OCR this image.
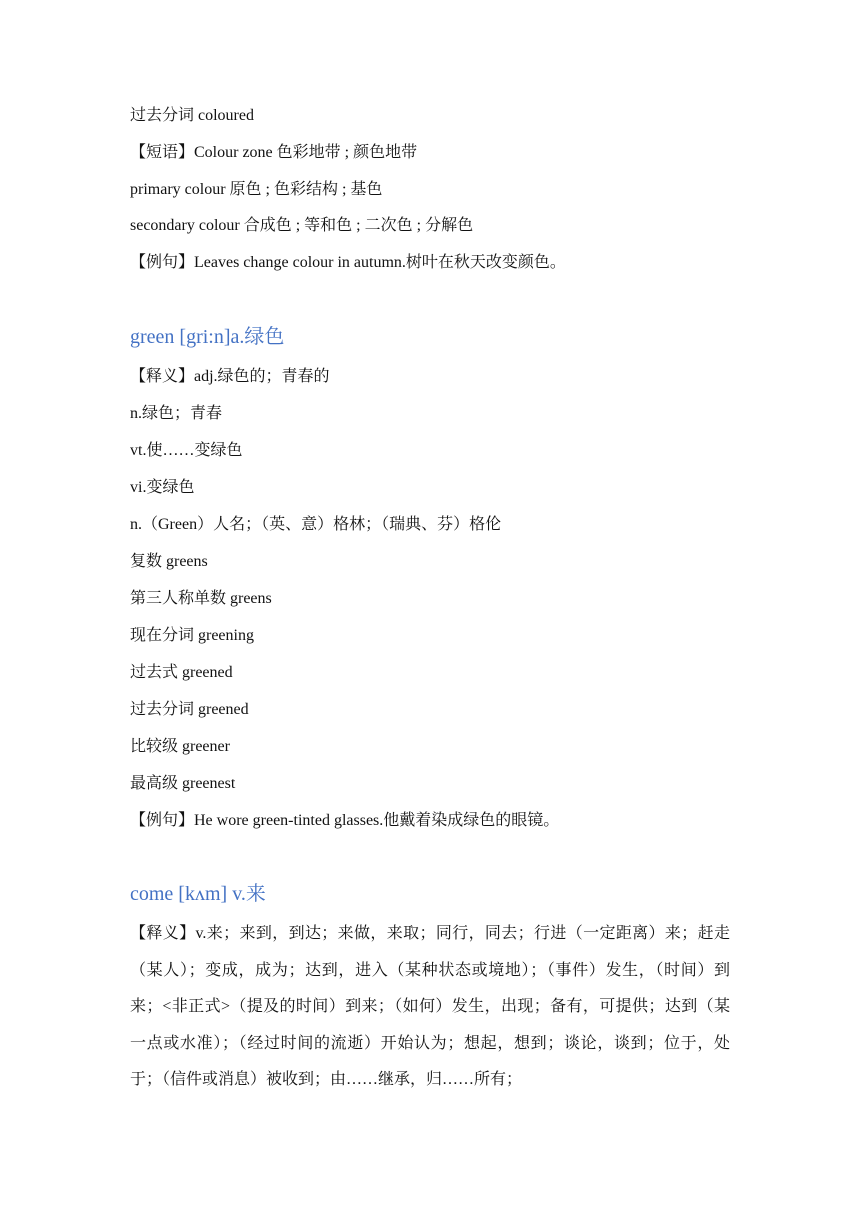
过去分词 coloured
【短语】Colour zone 色彩地带 ; 颜色地带
primary colour 原色 ; 色彩结构 ; 基色
secondary colour 合成色 ; 等和色 ; 二次色 ; 分解色
【例句】Leaves change colour in autumn.树叶在秋天改变颜色。
green [gri:n]a.绿色
【释义】adj.绿色的；青春的
n.绿色；青春
vt.使……变绿色
vi.变绿色
n.（Green）人名；（英、意）格林；（瑞典、芬）格伦
复数 greens
第三人称单数 greens
现在分词 greening
过去式 greened
过去分词 greened
比较级 greener
最高级 greenest
【例句】He wore green-tinted glasses.他戴着染成绿色的眼镜。
come [kʌm] v.来
【释义】v.来；来到，到达；来做，来取；同行，同去；行进（一定距离）来；赶走（某人）；变成，成为；达到，进入（某种状态或境地）；（事件）发生，（时间）到来；<非正式>（提及的时间）到来；（如何）发生，出现；备有，可提供；达到（某一点或水准）；（经过时间的流逝）开始认为；想起，想到；谈论，谈到；位于，处于；（信件或消息）被收到；由……继承，归……所有；
